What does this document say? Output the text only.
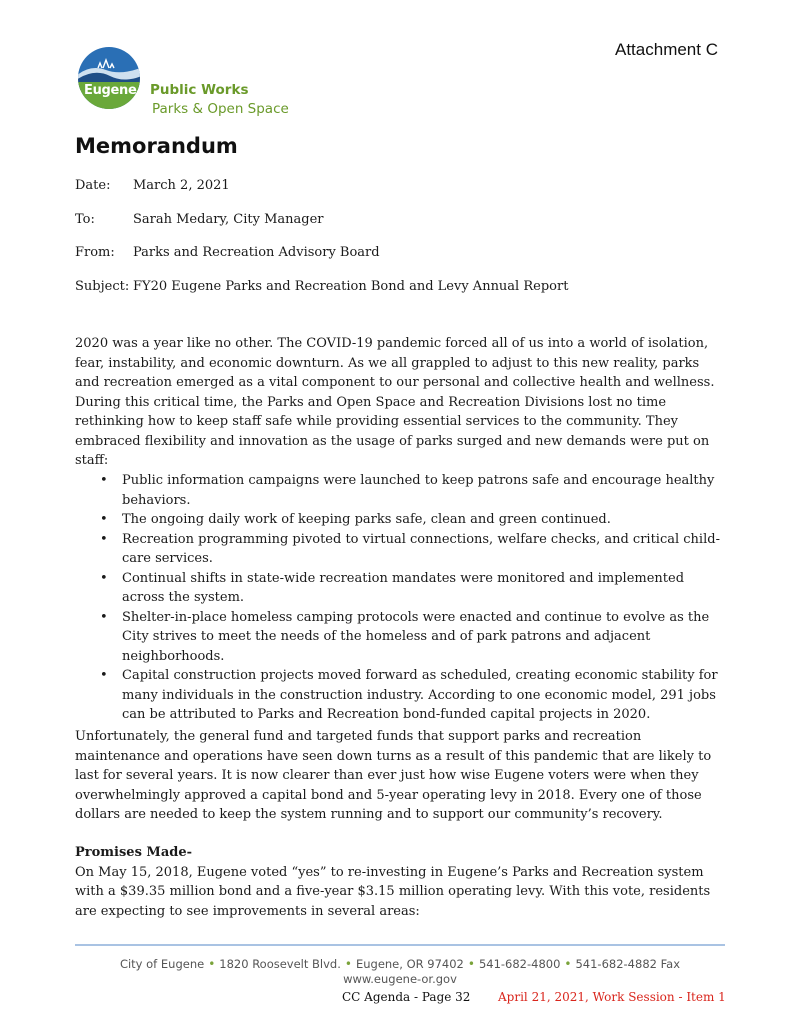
Attachment C
Eugene Public Works
Parks & Open Space
Memorandum
Date: March 2, 2021
To:	Sarah Medary, City Manager
From: Parks and Recreation Advisory Board
Subject: FY20 Eugene Parks and Recreation Bond and Levy Annual Report

2020 was a year like no other. The COVID-19 pandemic forced all of us into a world of isolation, fear, instability, and economic downturn. As we all grappled to adjust to this new reality, parks and recreation emerged as a vital component to our personal and collective health and wellness. During this critical time, the Parks and Open Space and Recreation Divisions lost no time rethinking how to keep staff safe while providing essential services to the community. They embraced flexibility and innovation as the usage of parks surged and new demands were put on staff:

• Public information campaigns were launched to keep patrons safe and encourage healthy behaviors.
• The ongoing daily work of keeping parks safe, clean and green continued.
• Recreation programming pivoted to virtual connections, welfare checks, and critical child-care services.
• Continual shifts in state-wide recreation mandates were monitored and implemented across the system.
• Shelter-in-place homeless camping protocols were enacted and continue to evolve as the City strives to meet the needs of the homeless and of park patrons and adjacent neighborhoods.
• Capital construction projects moved forward as scheduled, creating economic stability for many individuals in the construction industry. According to one economic model, 291 jobs can be attributed to Parks and Recreation bond-funded capital projects in 2020.

Unfortunately, the general fund and targeted funds that support parks and recreation maintenance and operations have seen down turns as a result of this pandemic that are likely to last for several years. It is now clearer than ever just how wise Eugene voters were when they overwhelmingly approved a capital bond and 5-year operating levy in 2018. Every one of those dollars are needed to keep the system running and to support our community’s recovery.

Promises Made-

On May 15, 2018, Eugene voted “yes” to re-investing in Eugene’s Parks and Recreation system with a $39.35 million bond and a five-year $3.15 million operating levy. With this vote, residents are expecting to see improvements in several areas:

City of Eugene • 1820 Roosevelt Blvd. • Eugene, OR 97402 • 541-682-4800 • 541-682-4882 Fax
www.eugene-or.gov
CC Agenda - Page 32 April 21, 2021, Work Session - Item 1
